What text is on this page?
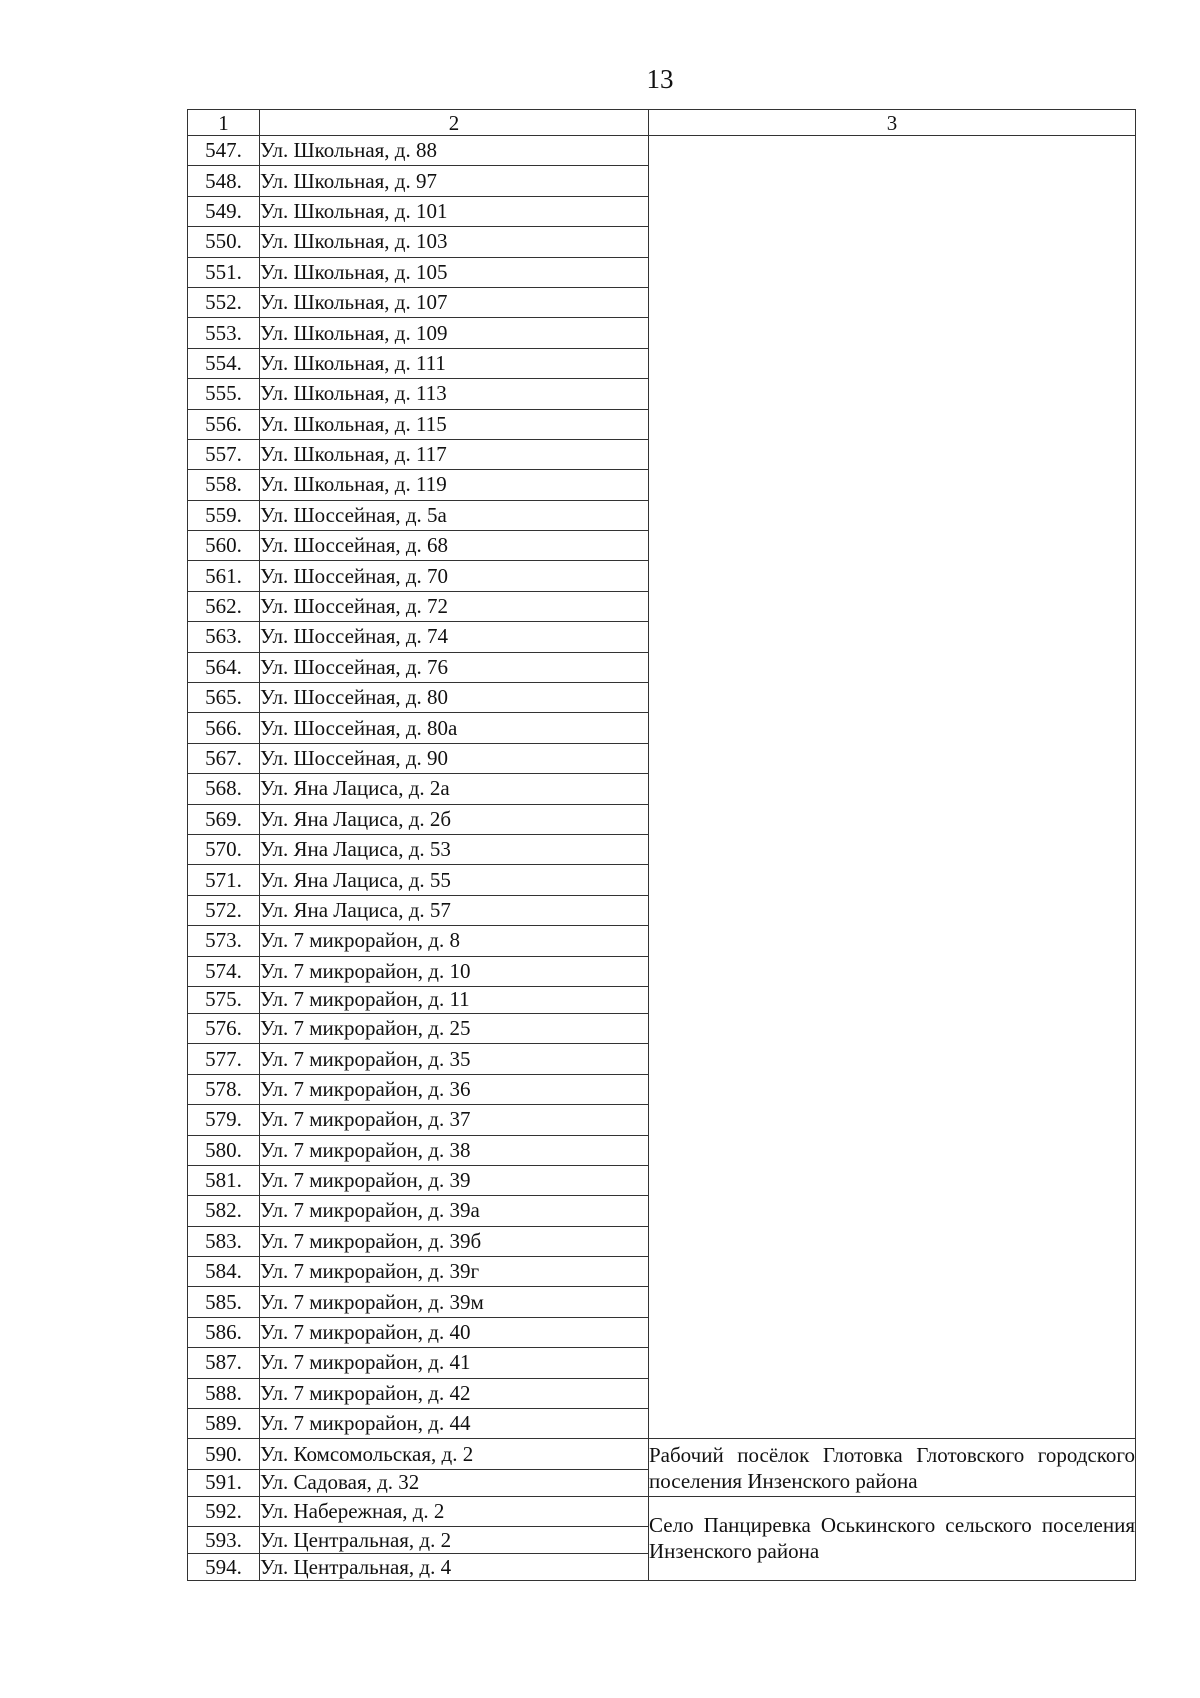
13
1	2	3
547.	Ул. Школьная, д. 88	
548.	Ул. Школьная, д. 97	
549.	Ул. Школьная, д. 101	
550.	Ул. Школьная, д. 103	
551.	Ул. Школьная, д. 105	
552.	Ул. Школьная, д. 107	
553.	Ул. Школьная, д. 109	
554.	Ул. Школьная, д. 111	
555.	Ул. Школьная, д. 113	
556.	Ул. Школьная, д. 115	
557.	Ул. Школьная, д. 117	
558.	Ул. Школьная, д. 119	
559.	Ул. Шоссейная, д. 5а	
560.	Ул. Шоссейная, д. 68	
561.	Ул. Шоссейная, д. 70	
562.	Ул. Шоссейная, д. 72	
563.	Ул. Шоссейная, д. 74	
564.	Ул. Шоссейная, д. 76	
565.	Ул. Шоссейная, д. 80	
566.	Ул. Шоссейная, д. 80а	
567.	Ул. Шоссейная, д. 90	
568.	Ул. Яна Лациса, д. 2а	
569.	Ул. Яна Лациса, д. 2б	
570.	Ул. Яна Лациса, д. 53	
571.	Ул. Яна Лациса, д. 55	
572.	Ул. Яна Лациса, д. 57	
573.	Ул. 7 микрорайон, д. 8	
574.	Ул. 7 микрорайон, д. 10	
575.	Ул. 7 микрорайон, д. 11	
576.	Ул. 7 микрорайон, д. 25	
577.	Ул. 7 микрорайон, д. 35	
578.	Ул. 7 микрорайон, д. 36	
579.	Ул. 7 микрорайон, д. 37	
580.	Ул. 7 микрорайон, д. 38	
581.	Ул. 7 микрорайон, д. 39	
582.	Ул. 7 микрорайон, д. 39а	
583.	Ул. 7 микрорайон, д. 39б	
584.	Ул. 7 микрорайон, д. 39г	
585.	Ул. 7 микрорайон, д. 39м	
586.	Ул. 7 микрорайон, д. 40	
587.	Ул. 7 микрорайон, д. 41	
588.	Ул. 7 микрорайон, д. 42	
589.	Ул. 7 микрорайон, д. 44	
590.	Ул. Комсомольская, д. 2	Рабочий посёлок Глотовка Глотовского городского поселения Инзенского района
591.	Ул. Садовая, д. 32	
592.	Ул. Набережная, д. 2	Село Панциревка Оськинского сельского поселения Инзенского района
593.	Ул. Центральная, д. 2	
594.	Ул. Центральная, д. 4	
